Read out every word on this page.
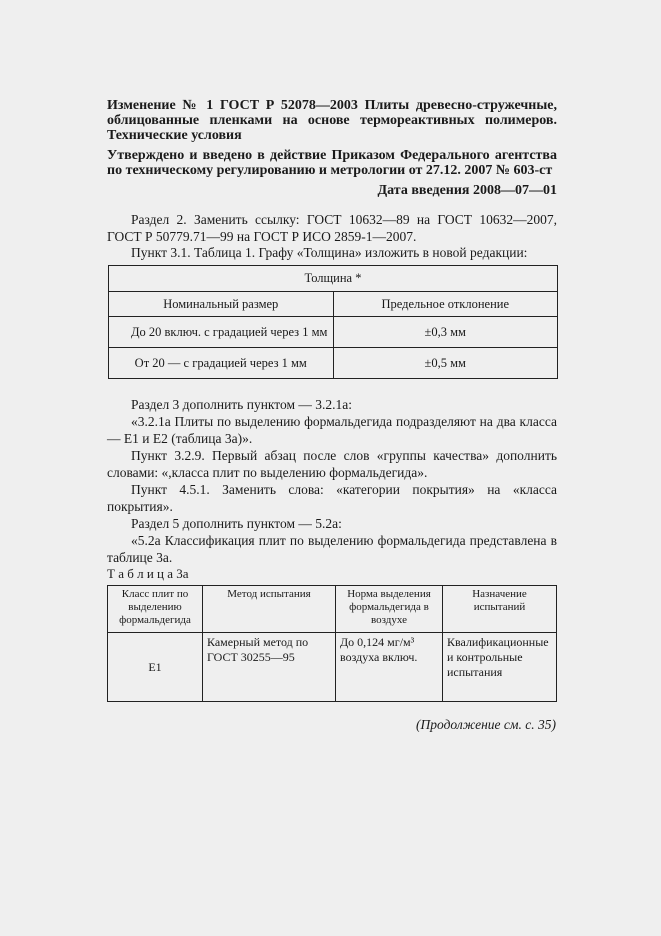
Изменение № 1 ГОСТ Р 52078—2003 Плиты древесно-стружечные, облицованные пленками на основе термореактивных полимеров. Технические условия

Утверждено и введено в действие Приказом Федерального агентства по техническому регулированию и метрологии от 27.12. 2007 № 603-ст

Дата введения 2008—07—01

Раздел 2. Заменить ссылку: ГОСТ 10632—89 на ГОСТ 10632—2007, ГОСТ Р 50779.71—99 на ГОСТ Р ИСО 2859-1—2007.

Пункт 3.1. Таблица 1. Графу «Толщина» изложить в новой редакции:

Толщина *	
Номинальный размер	Предельное отклонение
До 20 включ. с градацией через 1 мм	±0,3 мм
От 20 — с градацией через 1 мм	±0,5 мм

Раздел 3 дополнить пунктом — 3.2.1а:

«3.2.1а Плиты по выделению формальдегида подразделяют на два класса — Е1 и Е2 (таблица 3а)».

Пункт 3.2.9. Первый абзац после слов «группы качества» дополнить словами: «,класса плит по выделению формальдегида».

Пункт 4.5.1. Заменить слова: «категории покрытия» на «класса покрытия».

Раздел 5 дополнить пунктом — 5.2а:

«5.2а Классификация плит по выделению формальдегида представлена в таблице 3а.

Т а б л и ц а 3а

Класс плит по выделению формальдегида	Метод испытания	Норма выделения формальдегида в воздухе	Назначение испытаний
Е1	Камерный метод по ГОСТ 30255—95	До 0,124 мг/м³ воздуха включ.	Квалификационные и контрольные испытания

(Продолжение см. с. 35)
